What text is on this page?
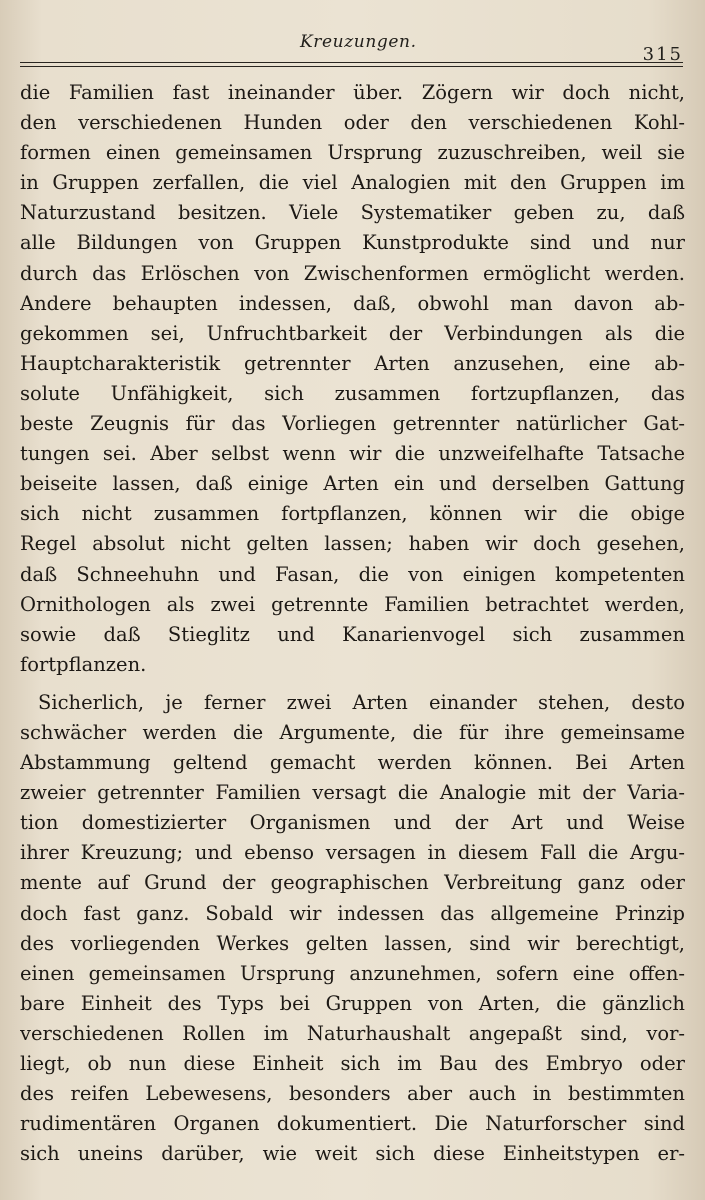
Kreuzungen.
315
die Familien fast ineinander über. Zögern wir doch nicht,
den verschiedenen Hunden oder den verschiedenen Kohl-
formen einen gemeinsamen Ursprung zuzuschreiben, weil sie
in Gruppen zerfallen, die viel Analogien mit den Gruppen im
Naturzustand besitzen. Viele Systematiker geben zu, daß
alle Bildungen von Gruppen Kunstprodukte sind und nur
durch das Erlöschen von Zwischenformen ermöglicht werden.
Andere behaupten indessen, daß, obwohl man davon ab-
gekommen sei, Unfruchtbarkeit der Verbindungen als die
Hauptcharakteristik getrennter Arten anzusehen, eine ab-
solute Unfähigkeit, sich zusammen fortzupflanzen, das
beste Zeugnis für das Vorliegen getrennter natürlicher Gat-
tungen sei. Aber selbst wenn wir die unzweifelhafte Tatsache
beiseite lassen, daß einige Arten ein und derselben Gattung
sich nicht zusammen fortpflanzen, können wir die obige
Regel absolut nicht gelten lassen; haben wir doch gesehen,
daß Schneehuhn und Fasan, die von einigen kompetenten
Ornithologen als zwei getrennte Familien betrachtet werden,
sowie daß Stieglitz und Kanarienvogel sich zusammen
fortpflanzen.
Sicherlich, je ferner zwei Arten einander stehen, desto
schwächer werden die Argumente, die für ihre gemeinsame
Abstammung geltend gemacht werden können. Bei Arten
zweier getrennter Familien versagt die Analogie mit der Varia-
tion domestizierter Organismen und der Art und Weise
ihrer Kreuzung; und ebenso versagen in diesem Fall die Argu-
mente auf Grund der geographischen Verbreitung ganz oder
doch fast ganz. Sobald wir indessen das allgemeine Prinzip
des vorliegenden Werkes gelten lassen, sind wir berechtigt,
einen gemeinsamen Ursprung anzunehmen, sofern eine offen-
bare Einheit des Typs bei Gruppen von Arten, die gänzlich
verschiedenen Rollen im Naturhaushalt angepaßt sind, vor-
liegt, ob nun diese Einheit sich im Bau des Embryo oder
des reifen Lebewesens, besonders aber auch in bestimmten
rudimentären Organen dokumentiert. Die Naturforscher sind
sich uneins darüber, wie weit sich diese Einheitstypen er-
